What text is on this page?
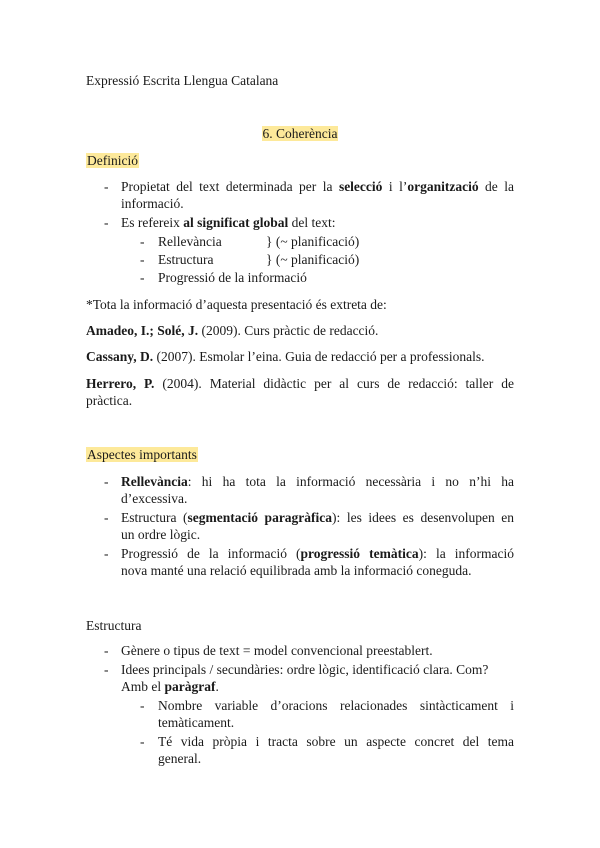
Expressió Escrita Llengua Catalana
6. Coherència
Definició
- Propietat del text determinada per la selecció i l’organització de la
informació.
- Es refereix al significat global del text:
- Rellevància	} (~ planificació)
- Estructura	} (~ planificació)
- Progressió de la informació
*Tota la informació d’aquesta presentació és extreta de:
Amadeo, I.; Solé, J. (2009). Curs pràctic de redacció.
Cassany, D. (2007). Esmolar l’eina. Guia de redacció per a professionals.
Herrero, P. (2004). Material didàctic per al curs de redacció: taller de
pràctica.
Aspectes importants
- Rellevància: hi ha tota la informació necessària i no n’hi ha
d’excessiva.
- Estructura (segmentació paragràfica): les idees es desenvolupen en
un ordre lògic.
- Progressió de la informació (progressió temàtica): la informació
nova manté una relació equilibrada amb la informació coneguda.
Estructura
- Gènere o tipus de text = model convencional preestablert.
- Idees principals / secundàries: ordre lògic, identificació clara. Com?
Amb el paràgraf.
- Nombre variable d’oracions relacionades sintàcticament i
temàticament.
- Té vida pròpia i tracta sobre un aspecte concret del tema
general.
